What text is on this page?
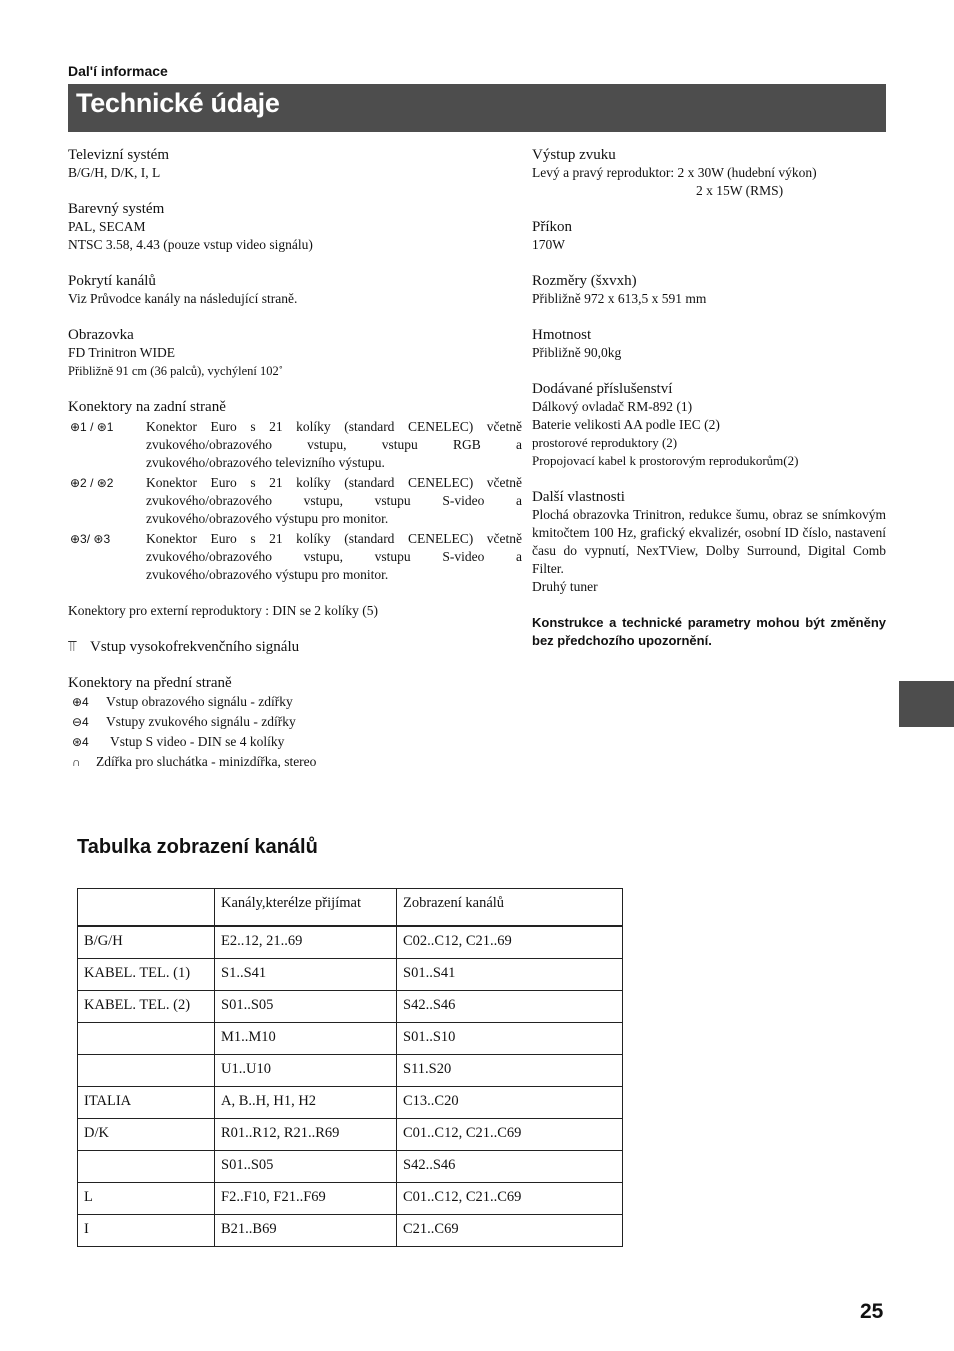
Dalʹí informace
Technické údaje
Televizní systém
B/G/H, D/K, I, L
Barevný systém
PAL, SECAM
NTSC 3.58, 4.43 (pouze vstup video signálu)
Pokrytí kanálů
Viz Průvodce kanály na následující straně.
Obrazovka
FD Trinitron WIDE
Přibližně 91 cm (36 palců), vychýlení 102˚
Konektory na zadní straně
⊕1 / ⊛1	Konektor Euro s 21 kolíky (standard CENELEC) včetně zvukového/obrazového vstupu, vstupu RGB a zvukového/obrazového televizního výstupu.
⊕2 / ⊛2	Konektor Euro s 21 kolíky (standard CENELEC) včetně zvukového/obrazového vstupu, vstupu S-video a zvukového/obrazového výstupu pro monitor.
⊕3/ ⊛3	Konektor Euro s 21 kolíky (standard CENELEC) včetně zvukového/obrazového vstupu, vstupu S-video a zvukového/obrazového výstupu pro monitor.
Konektory pro externí reproduktory : DIN se 2 kolíky (5)
⫪ Vstup vysokofrekvenčního signálu
Konektory na přední straně
⊕4	Vstup obrazového signálu - zdířky
⊖4	Vstupy zvukového signálu - zdířky
⊛4	Vstup S video - DIN se 4 kolíky
∩	Zdířka pro sluchátka - minizdířka, stereo
Výstup zvuku
Levý a pravý reproduktor: 2 x 30W (hudební výkon)
2 x 15W (RMS)
Příkon
170W
Rozměry (šxvxh)
Přibližně 972 x 613,5 x 591 mm
Hmotnost
Přibližně 90,0kg
Dodávané příslušenství
Dálkový ovladač RM-892 (1)
Baterie velikosti AA podle IEC (2)
prostorové reproduktory (2)
Propojovací kabel k prostorovým reprodukorům(2)
Další vlastnosti
Plochá obrazovka Trinitron, redukce šumu, obraz se snímkovým kmitočtem 100 Hz, grafický ekvalizér, osobní ID číslo, nastavení času do vypnutí, NexTView, Dolby Surround, Digital Comb Filter.
Druhý tuner
Konstrukce a technické parametry mohou být změněny bez předchozího upozornění.
Tabulka zobrazení kanálů
	Kanály,kterélze přijímat	Zobrazení kanálů
B/G/H	E2..12, 21..69	C02..C12, C21..69
KABEL. TEL. (1)	S1..S41	S01..S41
KABEL. TEL. (2)	S01..S05	S42..S46
	M1..M10	S01..S10
	U1..U10	S11.S20
ITALIA	A, B..H, H1, H2	C13..C20
D/K	R01..R12, R21..R69	C01..C12, C21..C69
	S01..S05	S42..S46
L	F2..F10, F21..F69	C01..C12, C21..C69
I	B21..B69	C21..C69
25
